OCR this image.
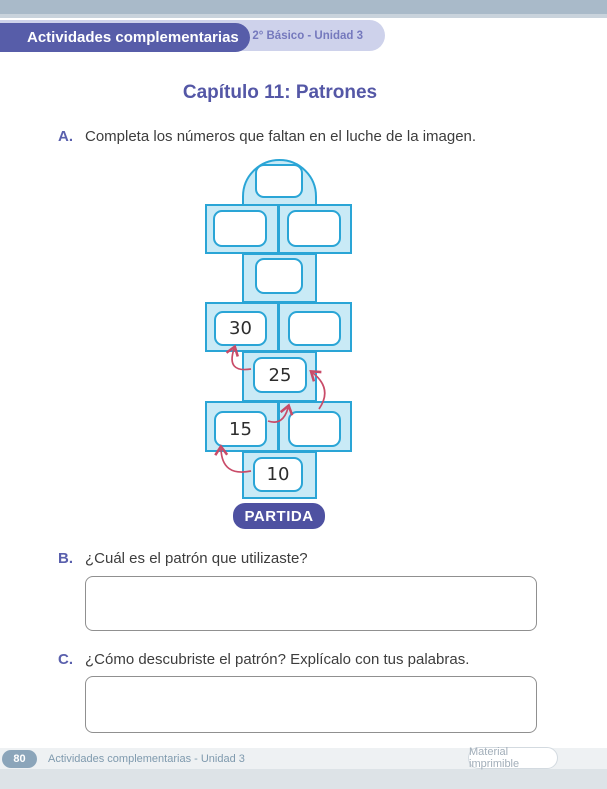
2° Básico - Unidad 3
Actividades complementarias
Capítulo 11: Patrones
A. Completa los números que faltan en el luche de la imagen.
30
25
15
10
PARTIDA
B. ¿Cuál es el patrón que utilizaste?
C. ¿Cómo descubriste el patrón? Explícalo con tus palabras.
80 Actividades complementarias - Unidad 3
Material imprimible
